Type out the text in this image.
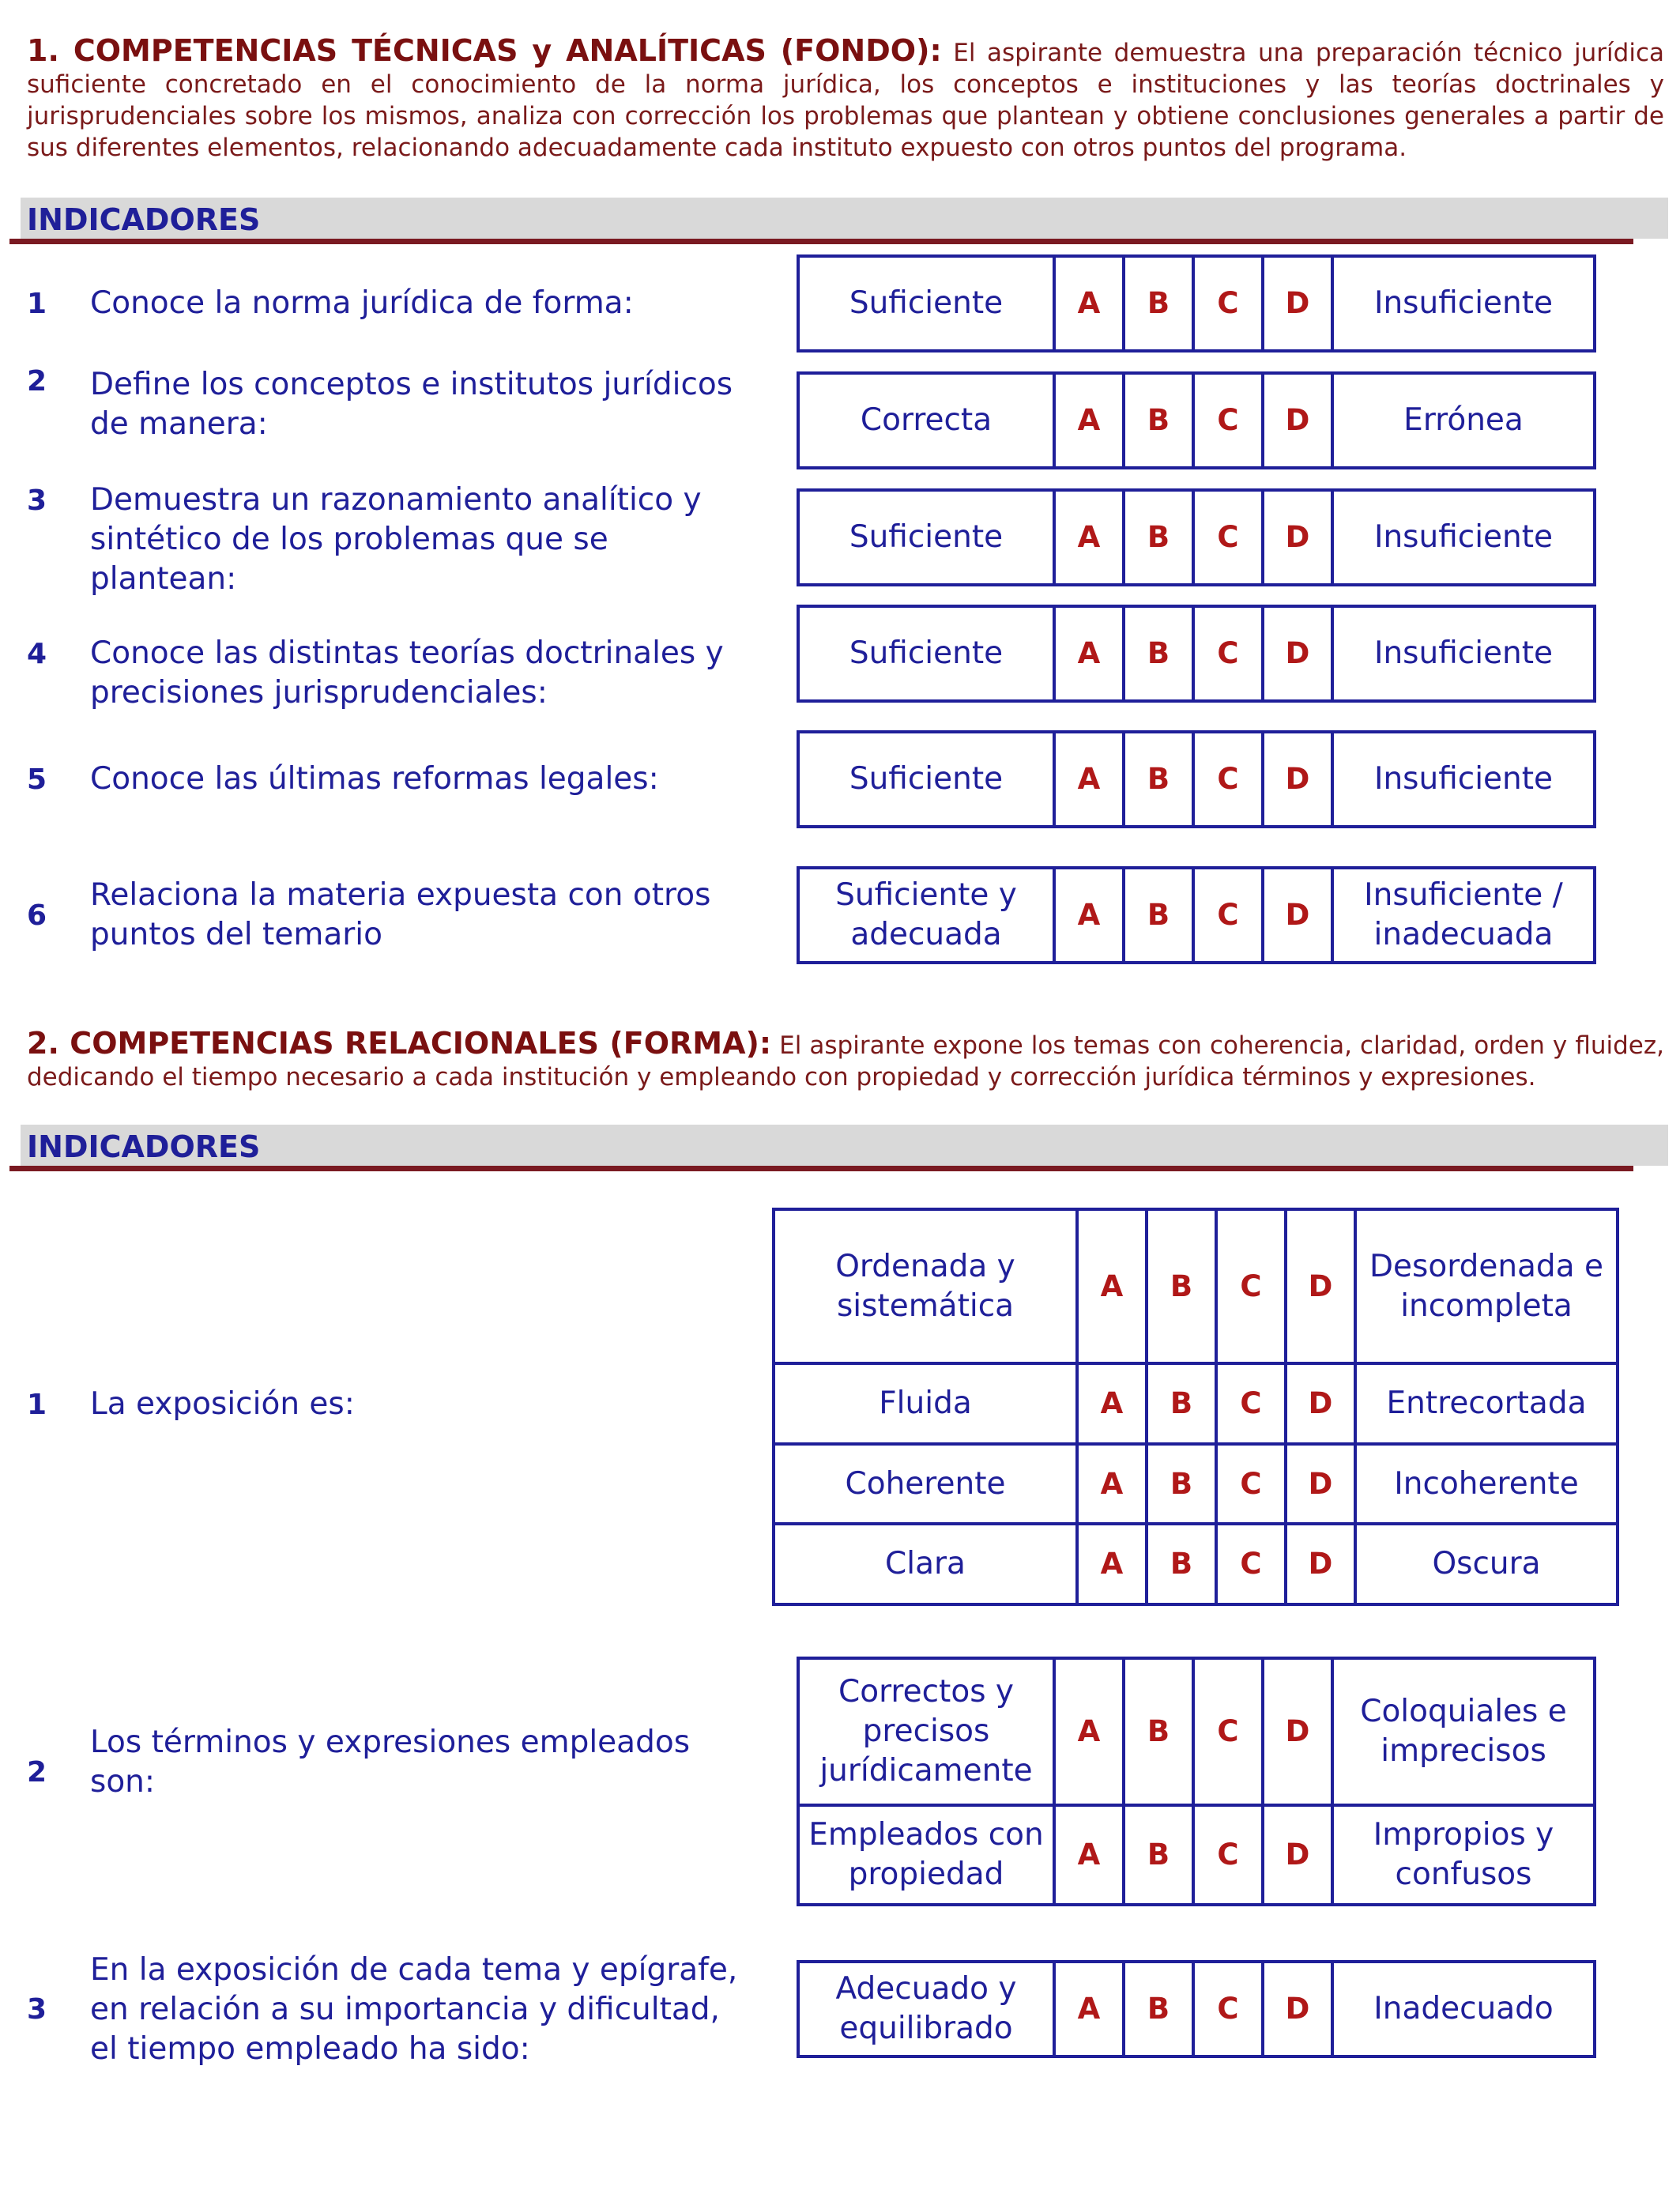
1. COMPETENCIAS TÉCNICAS y ANALÍTICAS (FONDO): El aspirante demuestra una preparación técnico jurídica suficiente concretado en el conocimiento de la norma jurídica, los conceptos e instituciones y las teorías doctrinales y jurisprudenciales sobre los mismos, analiza con corrección los problemas que plantean y obtiene conclusiones generales a partir de sus diferentes elementos, relacionando adecuadamente cada instituto expuesto con otros puntos del programa.

INDICADORES
1	Conoce la norma jurídica de forma:	Suficiente	A	B	C	D	Insuficiente
2	Define los conceptos e institutos jurídicos de manera:	Correcta	A	B	C	D	Errónea
3	Demuestra un razonamiento analítico y sintético de los problemas que se plantean:
Suficiente	A	B	C	D	Insuficiente
4	Conoce las distintas teorías doctrinales y precisiones jurisprudenciales:
Suficiente	A	B	C	D	Insuficiente
5	Conoce las últimas reformas legales:	Suficiente	A	B	C	D	Insuficiente
6
Relaciona la materia expuesta con otros puntos del temario
Suficiente y adecuada	A	B	C	D	Insuficiente / inadecuada

2. COMPETENCIAS RELACIONALES (FORMA): El aspirante expone los temas con coherencia, claridad, orden y fluidez, dedicando el tiempo necesario a cada institución y empleando con propiedad y corrección jurídica términos y expresiones.

INDICADORES
1	La exposición es:
Ordenada y sistemática	A	B	C	D	Desordenada e incompleta
Fluida	A	B	C	D	Entrecortada
Coherente	A	B	C	D	Incoherente
Clara	A	B	C	D	Oscura
2
Los términos y expresiones empleados son:
Correctos y precisos jurídicamente	A	B	C	D	Coloquiales e imprecisos
Empleados con propiedad	A	B	C	D	Impropios y confusos
3
En la exposición de cada tema y epígrafe, en relación a su importancia y dificultad, el tiempo empleado ha sido:
Adecuado y equilibrado	A	B	C	D	Inadecuado
